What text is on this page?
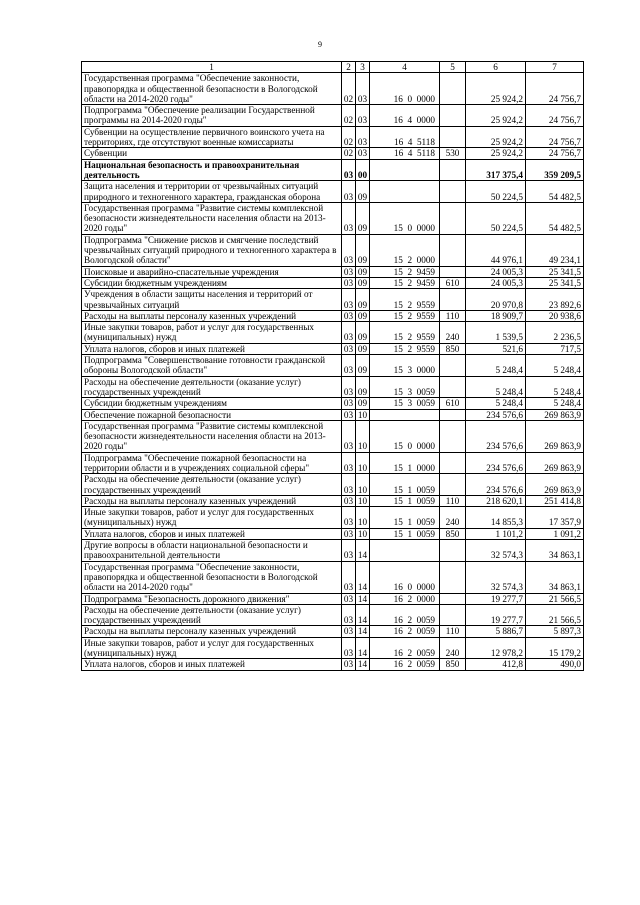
9
1	2	3	4	5	6	7
Государственная программа "Обеспечение законности, правопорядка и общественной безопасности в Вологодской области на 2014-2020 годы"	02	03	16  0  0000		25 924,2	24 756,7
Подпрограмма "Обеспечение реализации Государственной программы на 2014-2020 годы"	02	03	16  4  0000		25 924,2	24 756,7
Субвенции на осуществление первичного воинского учета на территориях, где отсутствуют военные комиссариаты	02	03	16  4  5118		25 924,2	24 756,7
Субвенции	02	03	16  4  5118	530	25 924,2	24 756,7
Национальная безопасность и правоохранительная деятельность	03	00			317 375,4	359 209,5
Защита населения и территории от чрезвычайных ситуаций природного и техногенного характера, гражданская оборона	03	09			50 224,5	54 482,5
Государственная программа "Развитие системы комплексной безопасности жизнедеятельности населения области на 2013-2020 годы"	03	09	15  0  0000		50 224,5	54 482,5
Подпрограмма "Снижение рисков и смягчение последствий чрезвычайных ситуаций природного и техногенного характера в Вологодской области"	03	09	15  2  0000		44 976,1	49 234,1
Поисковые и аварийно-спасательные учреждения	03	09	15  2  9459		24 005,3	25 341,5
Субсидии бюджетным учреждениям	03	09	15  2  9459	610	24 005,3	25 341,5
Учреждения в области защиты населения и территорий от чрезвычайных ситуаций	03	09	15  2  9559		20 970,8	23 892,6
Расходы на выплаты персоналу казенных учреждений	03	09	15  2  9559	110	18 909,7	20 938,6
Иные закупки товаров, работ и услуг для государственных (муниципальных) нужд	03	09	15  2  9559	240	1 539,5	2 236,5
Уплата налогов, сборов и иных платежей	03	09	15  2  9559	850	521,6	717,5
Подпрограмма "Совершенствование готовности гражданской обороны Вологодской области"	03	09	15  3  0000		5 248,4	5 248,4
Расходы на обеспечение деятельности (оказание услуг) государственных учреждений	03	09	15  3  0059		5 248,4	5 248,4
Субсидии бюджетным учреждениям	03	09	15  3  0059	610	5 248,4	5 248,4
Обеспечение пожарной безопасности	03	10			234 576,6	269 863,9
Государственная программа "Развитие системы комплексной безопасности жизнедеятельности населения области на 2013-2020 годы"	03	10	15  0  0000		234 576,6	269 863,9
Подпрограмма "Обеспечение пожарной безопасности на территории области и в учреждениях социальной сферы"	03	10	15  1  0000		234 576,6	269 863,9
Расходы на обеспечение деятельности (оказание услуг) государственных учреждений	03	10	15  1  0059		234 576,6	269 863,9
Расходы на выплаты персоналу казенных учреждений	03	10	15  1  0059	110	218 620,1	251 414,8
Иные закупки товаров, работ и услуг для государственных (муниципальных) нужд	03	10	15  1  0059	240	14 855,3	17 357,9
Уплата налогов, сборов и иных платежей	03	10	15  1  0059	850	1 101,2	1 091,2
Другие вопросы в области национальной безопасности и правоохранительной деятельности	03	14			32 574,3	34 863,1
Государственная программа "Обеспечение законности, правопорядка и общественной безопасности в Вологодской области на 2014-2020 годы"	03	14	16  0  0000		32 574,3	34 863,1
Подпрограмма "Безопасность дорожного движения"	03	14	16  2  0000		19 277,7	21 566,5
Расходы на обеспечение деятельности (оказание услуг) государственных учреждений	03	14	16  2  0059		19 277,7	21 566,5
Расходы на выплаты персоналу казенных учреждений	03	14	16  2  0059	110	5 886,7	5 897,3
Иные закупки товаров, работ и услуг для государственных (муниципальных) нужд	03	14	16  2  0059	240	12 978,2	15 179,2
Уплата налогов, сборов и иных платежей	03	14	16  2  0059	850	412,8	490,0
